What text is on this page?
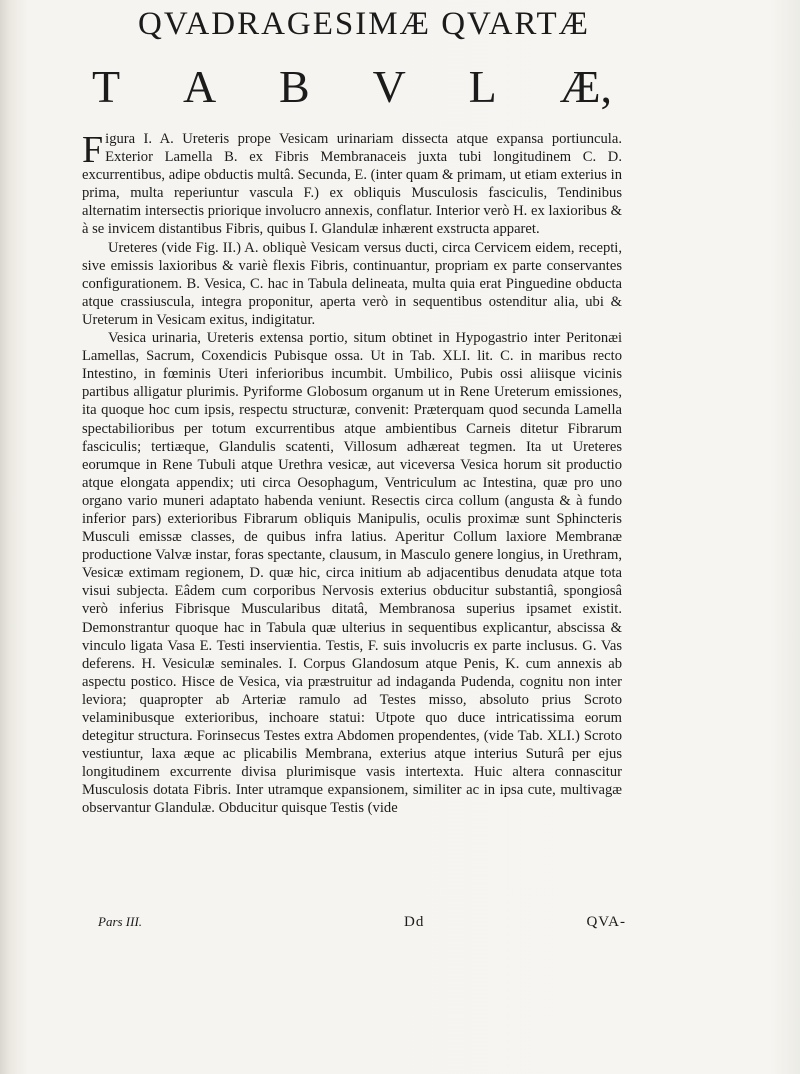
QVADRAGESIMÆ QVARTÆ
T A B V L Æ,

Figura I. A. Ureteris prope Vesicam urinariam dissecta atque expansa portiuncula. Exterior Lamella B. ex Fibris Membranaceis juxta tubi longitudinem C. D. excurrentibus, adipe obductis multâ. Secunda, E. (inter quam & primam, ut etiam exterius in prima, multa reperiuntur vascula F.) ex obliquis Musculosis fasciculis, Tendinibus alternatim intersectis priorique involucro annexis, conflatur. Interior verò H. ex laxioribus & à se invicem distantibus Fibris, quibus I. Glandulæ inhærent exstructa apparet.

Ureteres (vide Fig. II.) A. obliquè Vesicam versus ducti, circa Cervicem eidem, recepti, sive emissis laxioribus & variè flexis Fibris, continuantur, propriam ex parte conservantes configurationem. B. Vesica, C. hac in Tabula delineata, multa quia erat Pinguedine obducta atque crassiuscula, integra proponitur, aperta verò in sequentibus ostenditur alia, ubi & Ureterum in Vesicam exitus, indigitatur.

Vesica urinaria, Ureteris extensa portio, situm obtinet in Hypogastrio inter Peritonæi Lamellas, Sacrum, Coxendicis Pubisque ossa. Ut in Tab. XLI. lit. C. in maribus recto Intestino, in fœminis Uteri inferioribus incumbit. Umbilico, Pubis ossi aliisque vicinis partibus alligatur plurimis. Pyriforme Globosum organum ut in Rene Ureterum emissiones, ita quoque hoc cum ipsis, respectu structuræ, convenit: Præterquam quod secunda Lamella spectabilioribus per totum excurrentibus atque ambientibus Carneis ditetur Fibrarum fasciculis; tertiæque, Glandulis scatenti, Villosum adhæreat tegmen. Ita ut Ureteres eorumque in Rene Tubuli atque Urethra vesicæ, aut viceversa Vesica horum sit productio atque elongata appendix; uti circa Oesophagum, Ventriculum ac Intestina, quæ pro uno organo vario muneri adaptato habenda veniunt. Resectis circa collum (angusta & à fundo inferior pars) exterioribus Fibrarum obliquis Manipulis, oculis proximæ sunt Sphincteris Musculi emissæ classes, de quibus infra latius. Aperitur Collum laxiore Membranæ productione Valvæ instar, foras spectante, clausum, in Masculo genere longius, in Urethram, Vesicæ extimam regionem, D. quæ hic, circa initium ab adjacentibus denudata atque tota visui subjecta. Eâdem cum corporibus Nervosis exterius obducitur substantiâ, spongiosâ verò inferius Fibrisque Muscularibus ditatâ, Membranosa superius ipsamet existit. Demonstrantur quoque hac in Tabula quæ ulterius in sequentibus explicantur, abscissa & vinculo ligata Vasa E. Testi inservientia. Testis, F. suis involucris ex parte inclusus. G. Vas deferens. H. Vesiculæ seminales. I. Corpus Glandosum atque Penis, K. cum annexis ab aspectu postico. Hisce de Vesica, via præstruitur ad indaganda Pudenda, cognitu non inter leviora; quapropter ab Arteriæ ramulo ad Testes misso, absoluto prius Scroto velaminibusque exterioribus, inchoare statui: Utpote quo duce intricatissima eorum detegitur structura. Forinsecus Testes extra Abdomen propendentes, (vide Tab. XLI.) Scroto vestiuntur, laxa æque ac plicabilis Membrana, exterius atque interius Suturâ per ejus longitudinem excurrente divisa plurimisque vasis intertexta. Huic altera connascitur Musculosis dotata Fibris. Inter utramque expansionem, similiter ac in ipsa cute, multivagæ observantur Glandulæ. Obducitur quisque Testis (vide

Pars III.	Dd	QVA-
